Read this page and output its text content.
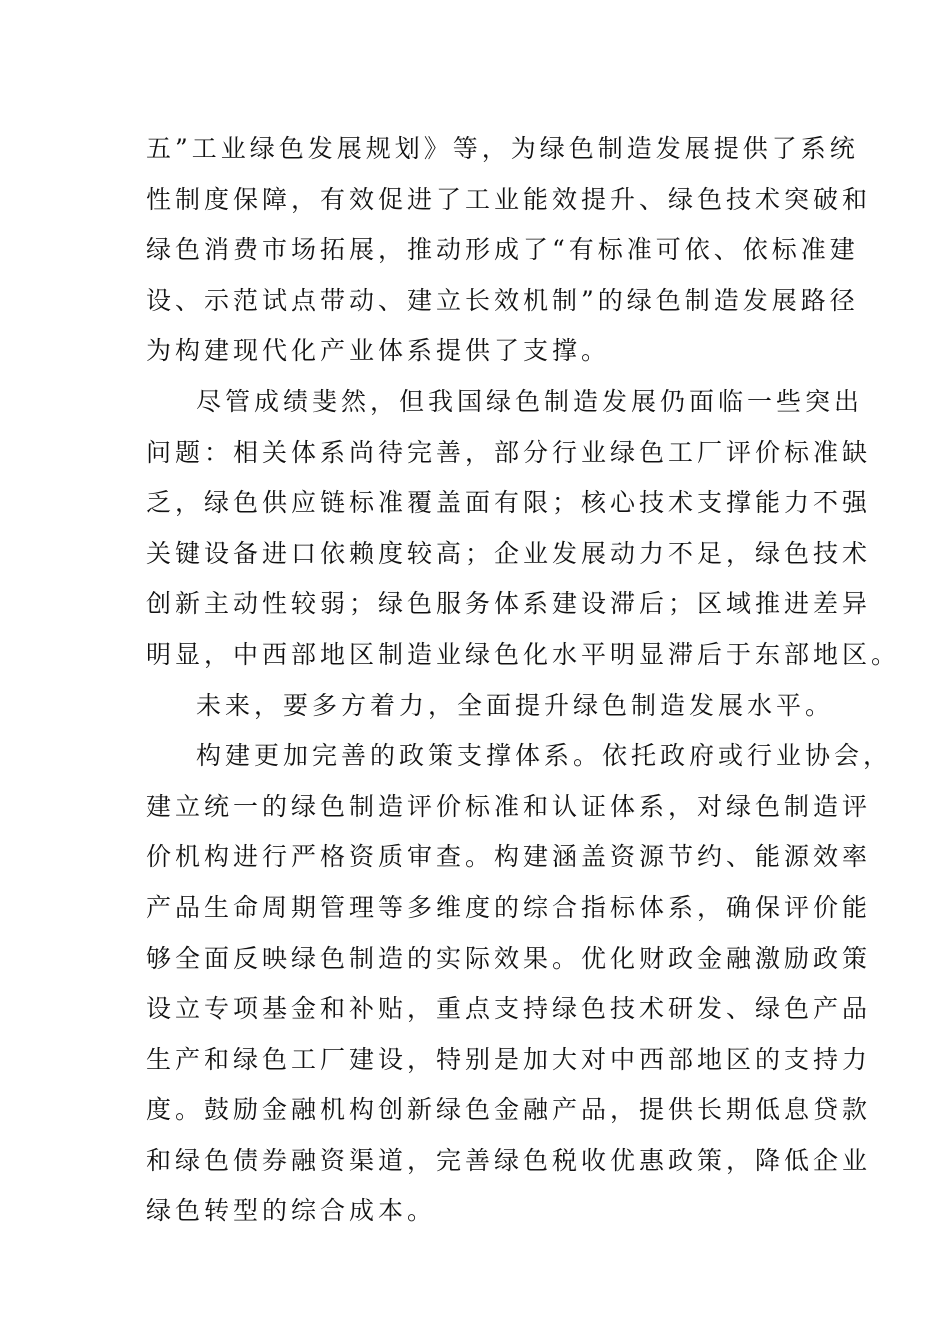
五”工业绿色发展规划》等，为绿色制造发展提供了系统
性制度保障，有效促进了工业能效提升、绿色技术突破和
绿色消费市场拓展，推动形成了“有标准可依、依标准建
设、示范试点带动、建立长效机制”的绿色制造发展路径
为构建现代化产业体系提供了支撑。
尽管成绩斐然，但我国绿色制造发展仍面临一些突出
问题：相关体系尚待完善，部分行业绿色工厂评价标准缺
乏，绿色供应链标准覆盖面有限；核心技术支撑能力不强
关键设备进口依赖度较高；企业发展动力不足，绿色技术
创新主动性较弱；绿色服务体系建设滞后；区域推进差异
明显，中西部地区制造业绿色化水平明显滞后于东部地区。
未来，要多方着力，全面提升绿色制造发展水平。
构建更加完善的政策支撑体系。依托政府或行业协会，
建立统一的绿色制造评价标准和认证体系，对绿色制造评
价机构进行严格资质审查。构建涵盖资源节约、能源效率
产品生命周期管理等多维度的综合指标体系，确保评价能
够全面反映绿色制造的实际效果。优化财政金融激励政策
设立专项基金和补贴，重点支持绿色技术研发、绿色产品
生产和绿色工厂建设，特别是加大对中西部地区的支持力
度。鼓励金融机构创新绿色金融产品，提供长期低息贷款
和绿色债券融资渠道，完善绿色税收优惠政策，降低企业
绿色转型的综合成本。
